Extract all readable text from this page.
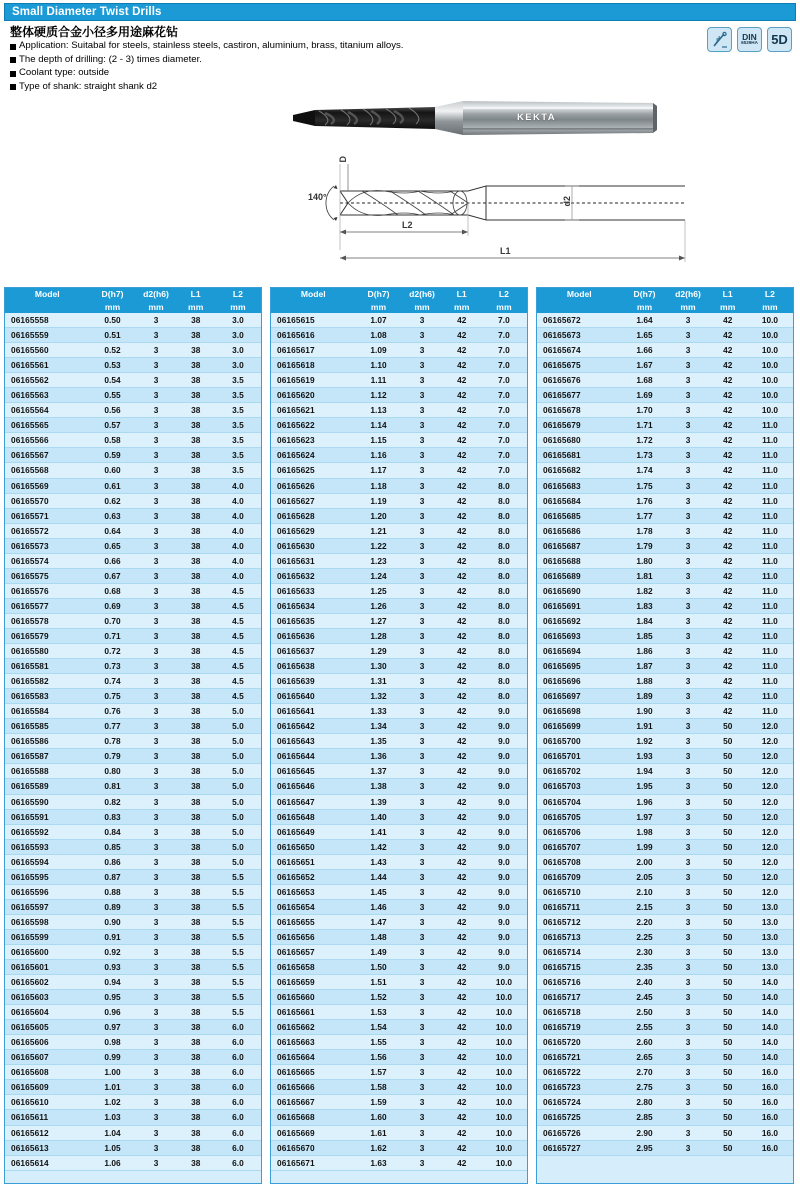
Small Diameter Twist Drills
整体硬质合金小径多用途麻花钻
Application: Suitabal for steels, stainless steels, castiron, aluminium, brass, titanium alloys.
The depth of drilling: (2 - 3) times diameter.
Coolant type: outside
Type of shank: straight shank d2
DIN
6539HA 5D
KEKTA
140°
D
d2
L2
L1
Model	D(h7)	d2(h6)	L1	L2
	mm	mm	mm	mm
06165558	0.50	3	38	3.0
06165559	0.51	3	38	3.0
06165560	0.52	3	38	3.0
06165561	0.53	3	38	3.0
06165562	0.54	3	38	3.5
06165563	0.55	3	38	3.5
06165564	0.56	3	38	3.5
06165565	0.57	3	38	3.5
06165566	0.58	3	38	3.5
06165567	0.59	3	38	3.5
06165568	0.60	3	38	3.5
06165569	0.61	3	38	4.0
06165570	0.62	3	38	4.0
06165571	0.63	3	38	4.0
06165572	0.64	3	38	4.0
06165573	0.65	3	38	4.0
06165574	0.66	3	38	4.0
06165575	0.67	3	38	4.0
06165576	0.68	3	38	4.5
06165577	0.69	3	38	4.5
06165578	0.70	3	38	4.5
06165579	0.71	3	38	4.5
06165580	0.72	3	38	4.5
06165581	0.73	3	38	4.5
06165582	0.74	3	38	4.5
06165583	0.75	3	38	4.5
06165584	0.76	3	38	5.0
06165585	0.77	3	38	5.0
06165586	0.78	3	38	5.0
06165587	0.79	3	38	5.0
06165588	0.80	3	38	5.0
06165589	0.81	3	38	5.0
06165590	0.82	3	38	5.0
06165591	0.83	3	38	5.0
06165592	0.84	3	38	5.0
06165593	0.85	3	38	5.0
06165594	0.86	3	38	5.0
06165595	0.87	3	38	5.5
06165596	0.88	3	38	5.5
06165597	0.89	3	38	5.5
06165598	0.90	3	38	5.5
06165599	0.91	3	38	5.5
06165600	0.92	3	38	5.5
06165601	0.93	3	38	5.5
06165602	0.94	3	38	5.5
06165603	0.95	3	38	5.5
06165604	0.96	3	38	5.5
06165605	0.97	3	38	6.0
06165606	0.98	3	38	6.0
06165607	0.99	3	38	6.0
06165608	1.00	3	38	6.0
06165609	1.01	3	38	6.0
06165610	1.02	3	38	6.0
06165611	1.03	3	38	6.0
06165612	1.04	3	38	6.0
06165613	1.05	3	38	6.0
06165614	1.06	3	38	6.0
Model	D(h7)	d2(h6)	L1	L2
	mm	mm	mm	mm
06165615	1.07	3	42	7.0
06165616	1.08	3	42	7.0
06165617	1.09	3	42	7.0
06165618	1.10	3	42	7.0
06165619	1.11	3	42	7.0
06165620	1.12	3	42	7.0
06165621	1.13	3	42	7.0
06165622	1.14	3	42	7.0
06165623	1.15	3	42	7.0
06165624	1.16	3	42	7.0
06165625	1.17	3	42	7.0
06165626	1.18	3	42	8.0
06165627	1.19	3	42	8.0
06165628	1.20	3	42	8.0
06165629	1.21	3	42	8.0
06165630	1.22	3	42	8.0
06165631	1.23	3	42	8.0
06165632	1.24	3	42	8.0
06165633	1.25	3	42	8.0
06165634	1.26	3	42	8.0
06165635	1.27	3	42	8.0
06165636	1.28	3	42	8.0
06165637	1.29	3	42	8.0
06165638	1.30	3	42	8.0
06165639	1.31	3	42	8.0
06165640	1.32	3	42	8.0
06165641	1.33	3	42	9.0
06165642	1.34	3	42	9.0
06165643	1.35	3	42	9.0
06165644	1.36	3	42	9.0
06165645	1.37	3	42	9.0
06165646	1.38	3	42	9.0
06165647	1.39	3	42	9.0
06165648	1.40	3	42	9.0
06165649	1.41	3	42	9.0
06165650	1.42	3	42	9.0
06165651	1.43	3	42	9.0
06165652	1.44	3	42	9.0
06165653	1.45	3	42	9.0
06165654	1.46	3	42	9.0
06165655	1.47	3	42	9.0
06165656	1.48	3	42	9.0
06165657	1.49	3	42	9.0
06165658	1.50	3	42	9.0
06165659	1.51	3	42	10.0
06165660	1.52	3	42	10.0
06165661	1.53	3	42	10.0
06165662	1.54	3	42	10.0
06165663	1.55	3	42	10.0
06165664	1.56	3	42	10.0
06165665	1.57	3	42	10.0
06165666	1.58	3	42	10.0
06165667	1.59	3	42	10.0
06165668	1.60	3	42	10.0
06165669	1.61	3	42	10.0
06165670	1.62	3	42	10.0
06165671	1.63	3	42	10.0
Model	D(h7)	d2(h6)	L1	L2
	mm	mm	mm	mm
06165672	1.64	3	42	10.0
06165673	1.65	3	42	10.0
06165674	1.66	3	42	10.0
06165675	1.67	3	42	10.0
06165676	1.68	3	42	10.0
06165677	1.69	3	42	10.0
06165678	1.70	3	42	10.0
06165679	1.71	3	42	11.0
06165680	1.72	3	42	11.0
06165681	1.73	3	42	11.0
06165682	1.74	3	42	11.0
06165683	1.75	3	42	11.0
06165684	1.76	3	42	11.0
06165685	1.77	3	42	11.0
06165686	1.78	3	42	11.0
06165687	1.79	3	42	11.0
06165688	1.80	3	42	11.0
06165689	1.81	3	42	11.0
06165690	1.82	3	42	11.0
06165691	1.83	3	42	11.0
06165692	1.84	3	42	11.0
06165693	1.85	3	42	11.0
06165694	1.86	3	42	11.0
06165695	1.87	3	42	11.0
06165696	1.88	3	42	11.0
06165697	1.89	3	42	11.0
06165698	1.90	3	42	11.0
06165699	1.91	3	50	12.0
06165700	1.92	3	50	12.0
06165701	1.93	3	50	12.0
06165702	1.94	3	50	12.0
06165703	1.95	3	50	12.0
06165704	1.96	3	50	12.0
06165705	1.97	3	50	12.0
06165706	1.98	3	50	12.0
06165707	1.99	3	50	12.0
06165708	2.00	3	50	12.0
06165709	2.05	3	50	12.0
06165710	2.10	3	50	12.0
06165711	2.15	3	50	13.0
06165712	2.20	3	50	13.0
06165713	2.25	3	50	13.0
06165714	2.30	3	50	13.0
06165715	2.35	3	50	13.0
06165716	2.40	3	50	14.0
06165717	2.45	3	50	14.0
06165718	2.50	3	50	14.0
06165719	2.55	3	50	14.0
06165720	2.60	3	50	14.0
06165721	2.65	3	50	14.0
06165722	2.70	3	50	16.0
06165723	2.75	3	50	16.0
06165724	2.80	3	50	16.0
06165725	2.85	3	50	16.0
06165726	2.90	3	50	16.0
06165727	2.95	3	50	16.0
